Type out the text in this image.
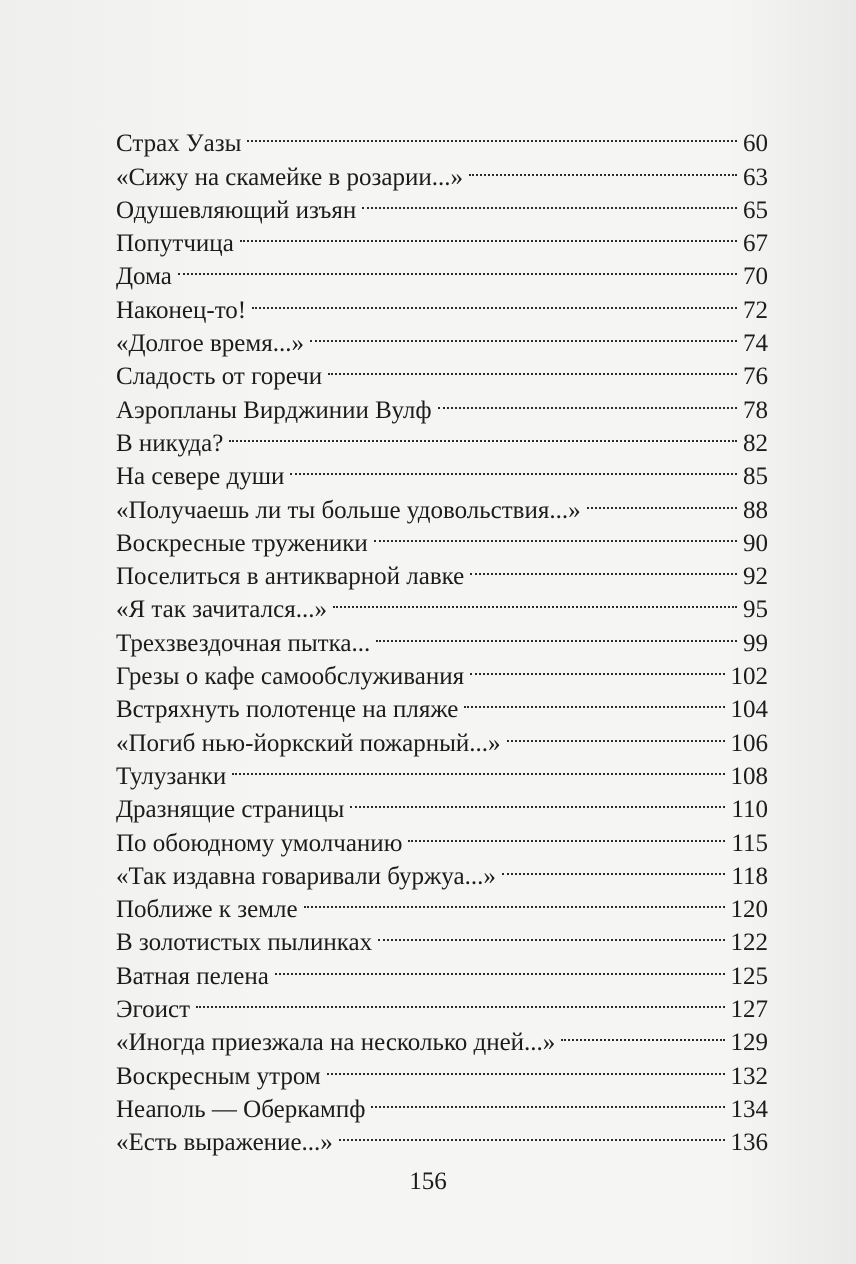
Страх Уазы	60
«Сижу на скамейке в розарии...»	63
Одушевляющий изъян	65
Попутчица	67
Дома	70
Наконец-то!	72
«Долгое время...»	74
Сладость от горечи	76
Аэропланы Вирджинии Вулф	78
В никуда?	82
На севере души	85
«Получаешь ли ты больше удовольствия...»	88
Воскресные труженики	90
Поселиться в антикварной лавке	92
«Я так зачитался...»	95
Трехзвездочная пытка...	99
Грезы о кафе самообслуживания	102
Встряхнуть полотенце на пляже	104
«Погиб нью-йоркский пожарный...»	106
Тулузанки	108
Дразнящие страницы	110
По обоюдному умолчанию	115
«Так издавна говаривали буржуа...»	118
Поближе к земле	120
В золотистых пылинках	122
Ватная пелена	125
Эгоист	127
«Иногда приезжала на несколько дней...»	129
Воскресным утром	132
Неаполь — Оберкампф	134
«Есть выражение...»	136
156
